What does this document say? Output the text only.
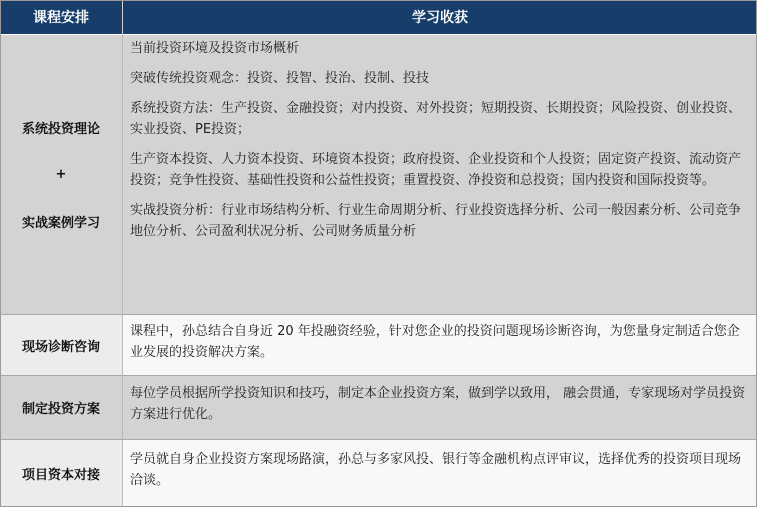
课程安排	学习收获
系统投资理论
+
实战案例学习
当前投资环境及投资市场概析
突破传统投资观念：投资、投智、投治、投制、投技
系统投资方法：生产投资、金融投资；对内投资、对外投资；短期投资、长期投资；风险投资、创业投资、实业投资、PE投资；
生产资本投资、人力资本投资、环境资本投资；政府投资、企业投资和个人投资；固定资产投资、流动资产投资；竞争性投资、基础性投资和公益性投资；重置投资、净投资和总投资；国内投资和国际投资等。
实战投资分析：行业市场结构分析、行业生命周期分析、行业投资选择分析、公司一般因素分析、公司竞争地位分析、公司盈利状况分析、公司财务质量分析
现场诊断咨询
课程中，孙总结合自身近 20 年投融资经验，针对您企业的投资问题现场诊断咨询，为您量身定制适合您企业发展的投资解决方案。
制定投资方案
每位学员根据所学投资知识和技巧，制定本企业投资方案，做到学以致用， 融会贯通，专家现场对学员投资方案进行优化。
项目资本对接
学员就自身企业投资方案现场路演，孙总与多家风投、银行等金融机构点评审议，选择优秀的投资项目现场洽谈。
